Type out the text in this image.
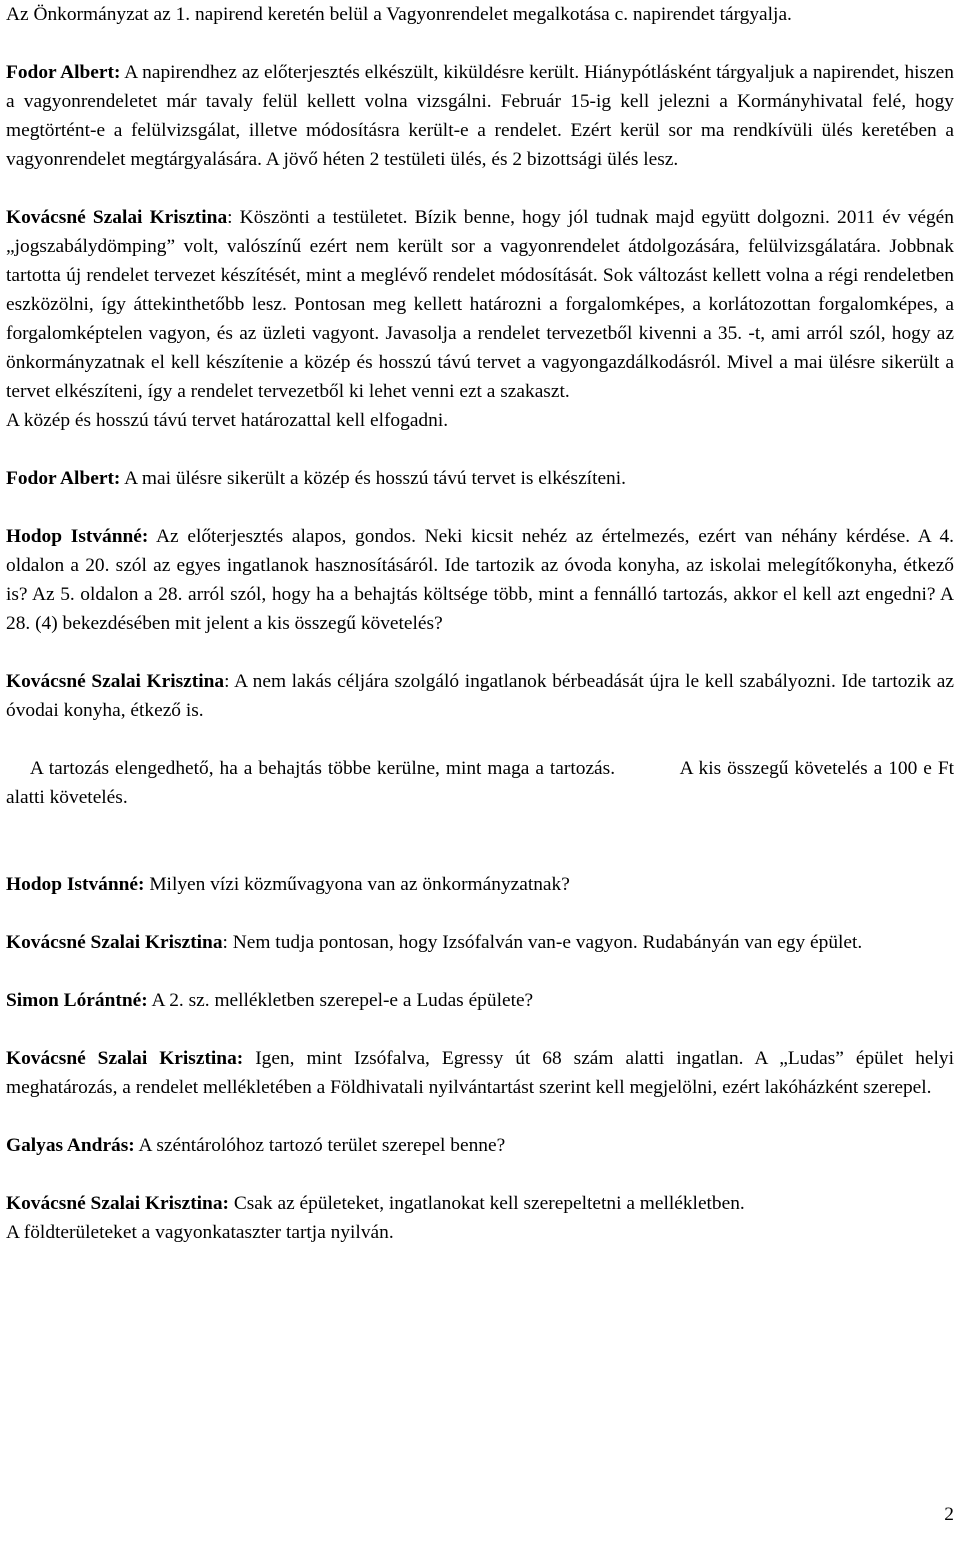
Az Önkormányzat az 1. napirend keretén belül a Vagyonrendelet megalkotása c. napirendet tárgyalja.

Fodor Albert: A napirendhez az előterjesztés elkészült, kiküldésre került. Hiánypótlásként tárgyaljuk a napirendet, hiszen a vagyonrendeletet már tavaly felül kellett volna vizsgálni. Február 15-ig kell jelezni a Kormányhivatal felé, hogy megtörtént-e a felülvizsgálat, illetve módosításra került-e a rendelet. Ezért kerül sor ma rendkívüli ülés keretében a vagyonrendelet megtárgyalására. A jövő héten 2 testületi ülés, és 2 bizottsági ülés lesz.

Kovácsné Szalai Krisztina: Köszönti a testületet. Bízik benne, hogy jól tudnak majd együtt dolgozni. 2011 év végén „jogszabálydömping” volt, valószínű ezért nem került sor a vagyonrendelet átdolgozására, felülvizsgálatára. Jobbnak tartotta új rendelet tervezet készítését, mint a meglévő rendelet módosítását. Sok változást kellett volna a régi rendeletben eszközölni, így áttekinthetőbb lesz. Pontosan meg kellett határozni a forgalomképes, a korlátozottan forgalomképes, a forgalomképtelen vagyon, és az üzleti vagyont. Javasolja a rendelet tervezetből kivenni a 35. -t, ami arról szól, hogy az önkormányzatnak el kell készítenie a közép és hosszú távú tervet a vagyongazdálkodásról. Mivel a mai ülésre sikerült a tervet elkészíteni, így a rendelet tervezetből ki lehet venni ezt a szakaszt.

A közép és hosszú távú tervet határozattal kell elfogadni.

Fodor Albert: A mai ülésre sikerült a közép és hosszú távú tervet is elkészíteni.

Hodop Istvánné: Az előterjesztés alapos, gondos. Neki kicsit nehéz az értelmezés, ezért van néhány kérdése. A 4. oldalon a 20. szól az egyes ingatlanok hasznosításáról. Ide tartozik az óvoda konyha, az iskolai melegítőkonyha, étkező is? Az 5. oldalon a 28. arról szól, hogy ha a behajtás költsége több, mint a fennálló tartozás, akkor el kell azt engedni? A 28. (4) bekezdésében mit jelent a kis összegű követelés?

Kovácsné Szalai Krisztina: A nem lakás céljára szolgáló ingatlanok bérbeadását újra le kell szabályozni. Ide tartozik az óvodai konyha, étkező is.

A tartozás elengedhető, ha a behajtás többe kerülne, mint maga a tartozás.           A kis összegű követelés a 100 e Ft alatti követelés.

Hodop Istvánné: Milyen vízi közművagyona van az önkormányzatnak?

Kovácsné Szalai Krisztina: Nem tudja pontosan, hogy Izsófalván van-e vagyon. Rudabányán van egy épület.

Simon Lórántné: A 2. sz. mellékletben szerepel-e a Ludas épülete?

Kovácsné Szalai Krisztina: Igen, mint Izsófalva, Egressy út 68 szám alatti ingatlan. A „Ludas” épület helyi meghatározás, a rendelet mellékletében a Földhivatali nyilvántartást szerint kell megjelölni, ezért lakóházként szerepel.

Galyas András: A széntárolóhoz tartozó terület szerepel benne?

Kovácsné Szalai Krisztina: Csak az épületeket, ingatlanokat kell szerepeltetni a mellékletben.

A földterületeket a vagyonkataszter tartja nyilván.

2
